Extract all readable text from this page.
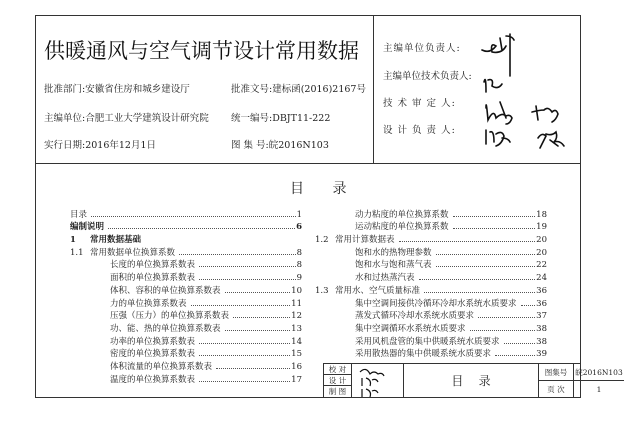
供暖通风与空气调节设计常用数据
批准部门:安徽省住房和城乡建设厅	批准文号:建标函(2016)2167号
主编单位:合肥工业大学建筑设计研究院 统一编号:DBJT11-222
实行日期:2016年12月1日	图 集 号:皖2016N103
主编单位负责人:
主编单位技术负责人:
技 术 审 定 人:
设 计 负 责 人:
目 录
目录	1
编制说明	6
1	常用数据基础
1.1 常用数据单位换算系数	8
长度的单位换算系数表	8
面积的单位换算系数表	9
体积、容积的单位换算系数表	10
力的单位换算系数表	11
压强（压力）的单位换算系数表	12
功、能、热的单位换算系数表	13
功率的单位换算系数表	14
密度的单位换算系数表	15
体积流量的单位换算系数表	16
温度的单位换算系数表	17
动力粘度的单位换算系数	18
运动粘度的单位换算系数	19
1.2 常用计算数据表	20
饱和水的热物理参数	20
饱和水与饱和蒸气表	22
水和过热蒸汽表	24
1.3 常用水、空气质量标准	36
集中空调间接供冷循环冷却水系统水质要求 36
蒸发式循环冷却水系统水质要求	37
集中空调循环水系统水质要求	38
采用风机盘管的集中供暖系统水质要求	38
采用散热器的集中供暖系统水质要求	39
校 对
设 计
制 图
目    录
图集号	皖2016N103
页 次	1
